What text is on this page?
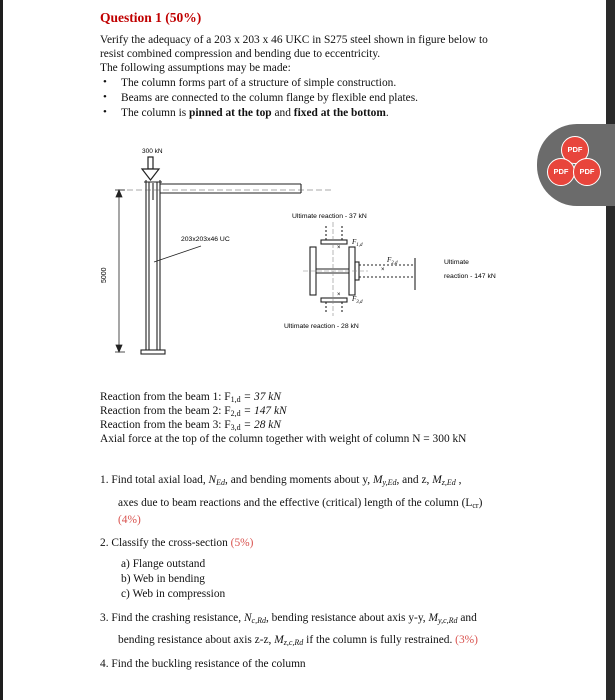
Question 1 (50%)
Verify the adequacy of a 203 x 203 x 46 UKC in S275 steel shown in figure below to
resist combined compression and bending due to eccentricity.
The following assumptions may be made:
• The column forms part of a structure of simple construction.
• Beams are connected to the column flange by flexible end plates.
• The column is pinned at the top and fixed at the bottom.
300 kN
5000
203x203x46 UC
×
×
×
$F_{1,d}$
$F_{2,d}$
$F_{3,d}$
Ultimate reaction - 37 kN
Ultimate
reaction - 147 kN
Ultimate reaction - 28 kN
Reaction from the beam 1: $F_{1,d} = 37$ kN
Reaction from the beam 2: $F_{2,d} = 147$ kN
Reaction from the beam 3: $F_{3,d} = 28$ kN
Axial force at the top of the column together with weight of column N = 300 kN
1. Find total axial load, $N_{Ed}$, and bending moments about y, $M_{y,Ed}$, and z, $M_{z,Ed}$ ,
axes due to beam reactions and the effective (critical) length of the column $(L_{cr})$
(4%)
2. Classify the cross-section (5%)
a) Flange outstand
b) Web in bending
c) Web in compression
3. Find the crashing resistance, $N_{c,Rd}$, bending resistance about axis y-y, $M_{y,c,Rd}$ and
bending resistance about axis z-z, $M_{z,c,Rd}$ if the column is fully restrained. (3%)
4. Find the buckling resistance of the column
PDF
PDF	PDF
